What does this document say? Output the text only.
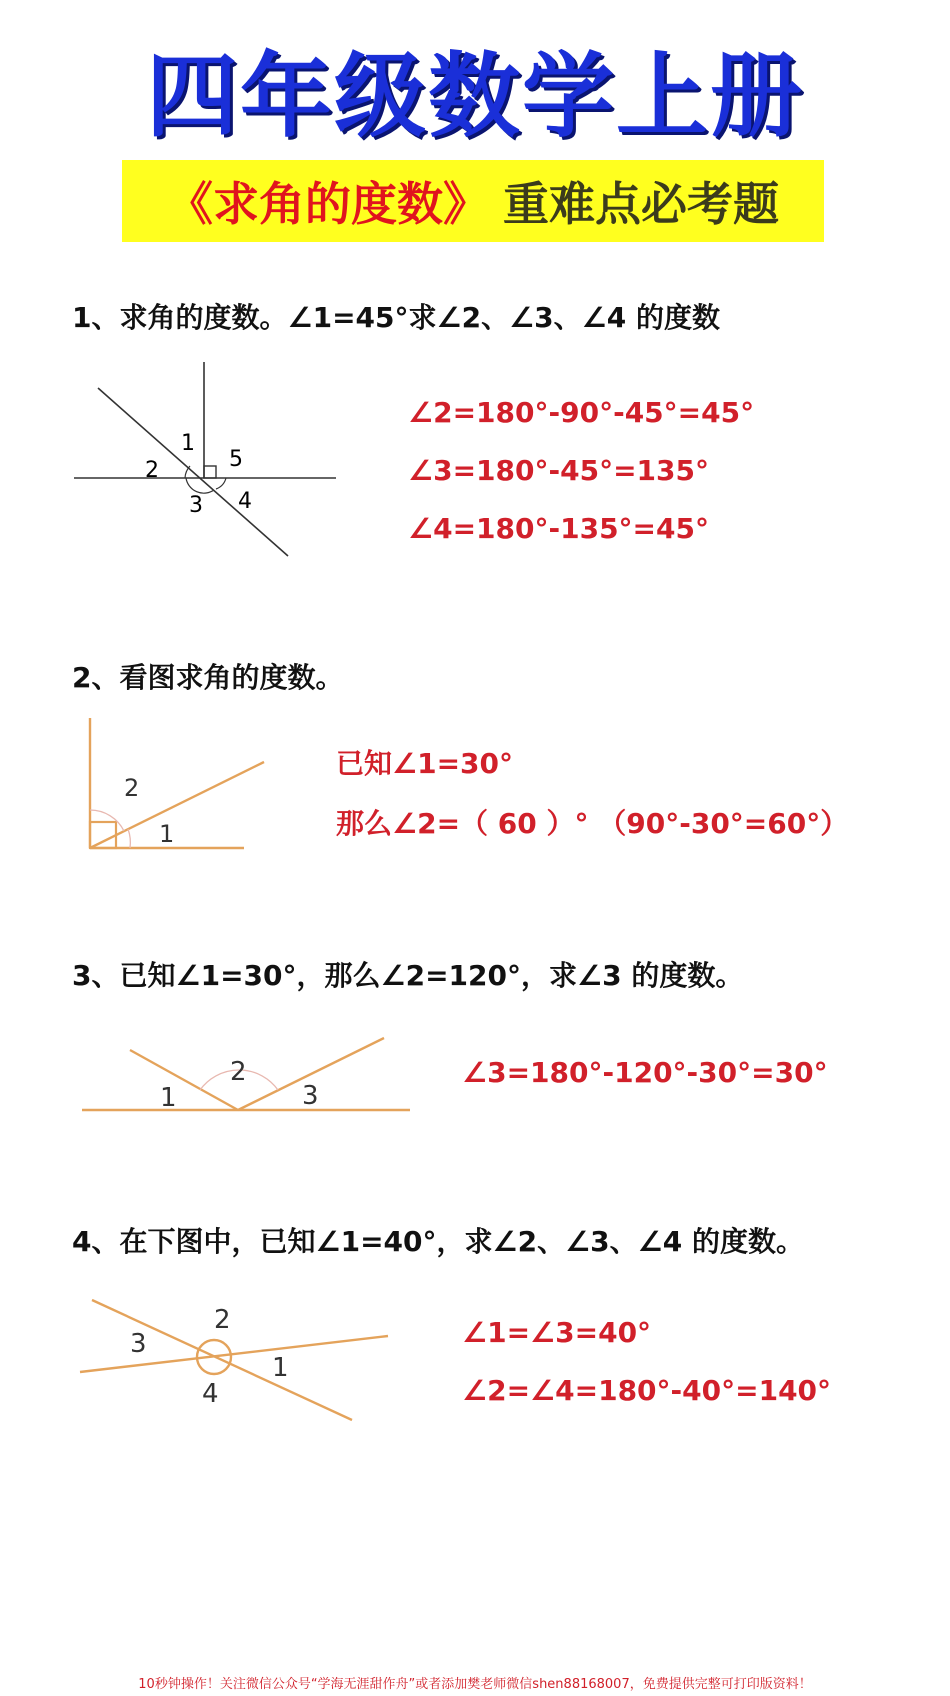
四年级数学上册
《求角的度数》 重难点必考题
1、求角的度数。∠1=45°求∠2、∠3、∠4 的度数
1
2
3 4
5
∠2=180°-90°-45°=45°
∠3=180°-45°=135°
∠4=180°-135°=45°
2、看图求角的度数。
2
1
已知∠1=30°
那么∠2=（ 60 ）° （90°-30°=60°）
3、已知∠1=30°，那么∠2=120°，求∠3 的度数。
1
2
3
∠3=180°-120°-30°=30°
4、在下图中，已知∠1=40°，求∠2、∠3、∠4 的度数。
3
2
1
4
∠1=∠3=40°
∠2=∠4=180°-40°=140°
10秒钟操作！关注微信公众号“学海无涯甜作舟”或者添加樊老师微信shen88168007，免费提供完整可打印版资料！
